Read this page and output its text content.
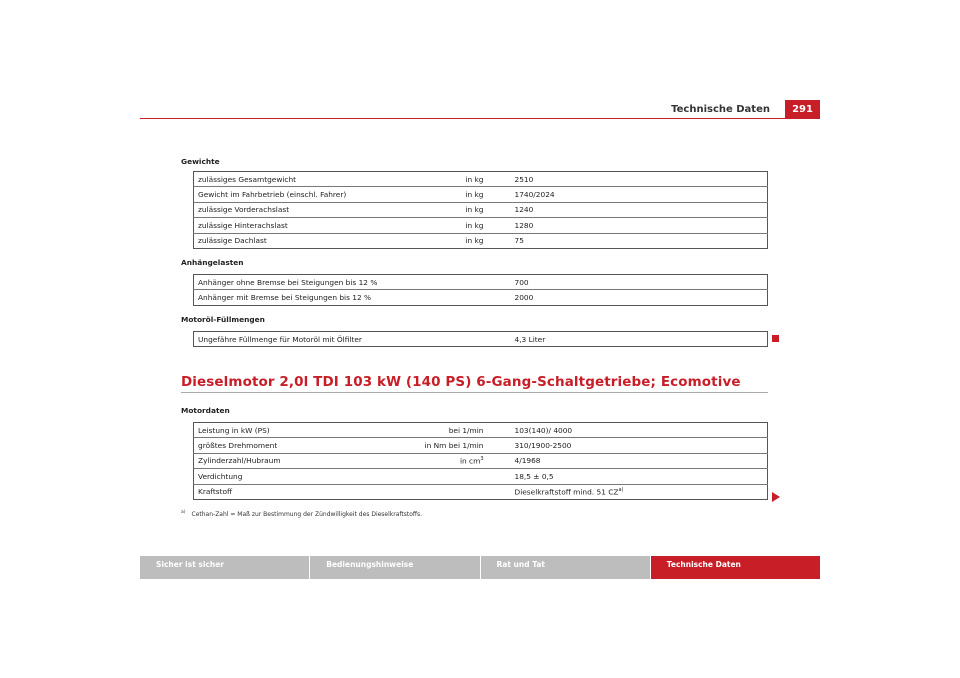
Technische Daten	291
Gewichte
zulässiges Gesamtgewicht	in kg	2510
Gewicht im Fahrbetrieb (einschl. Fahrer)	in kg	1740/2024
zulässige Vorderachslast	in kg	1240
zulässige Hinterachslast	in kg	1280
zulässige Dachlast	in kg	75
Anhängelasten
Anhänger ohne Bremse bei Steigungen bis 12 %	700
Anhänger mit Bremse bei Steigungen bis 12 %	2000
Motoröl-Füllmengen
Ungefähre Füllmenge für Motoröl mit Ölfilter	4,3 Liter
Dieselmotor 2,0l TDI 103 kW (140 PS) 6-Gang-Schaltgetriebe; Ecomotive
Motordaten
Leistung in kW (PS)	bei 1/min	103(140)/ 4000
größtes Drehmoment	in Nm bei 1/min	310/1900-2500
Zylinderzahl/Hubraum	in $cm^3$	4/1968
Verdichtung		18,5 ± 0,5
Kraftstoff		Dieselkraftstoff mind. 51 CZ$^{a)}$
$^{a)}$ Cethan-Zahl = Maß zur Bestimmung der Zündwilligkeit des Dieselkraftstoffs.
Sicher ist sicher	Bedienungshinweise	Rat und Tat	Technische Daten
